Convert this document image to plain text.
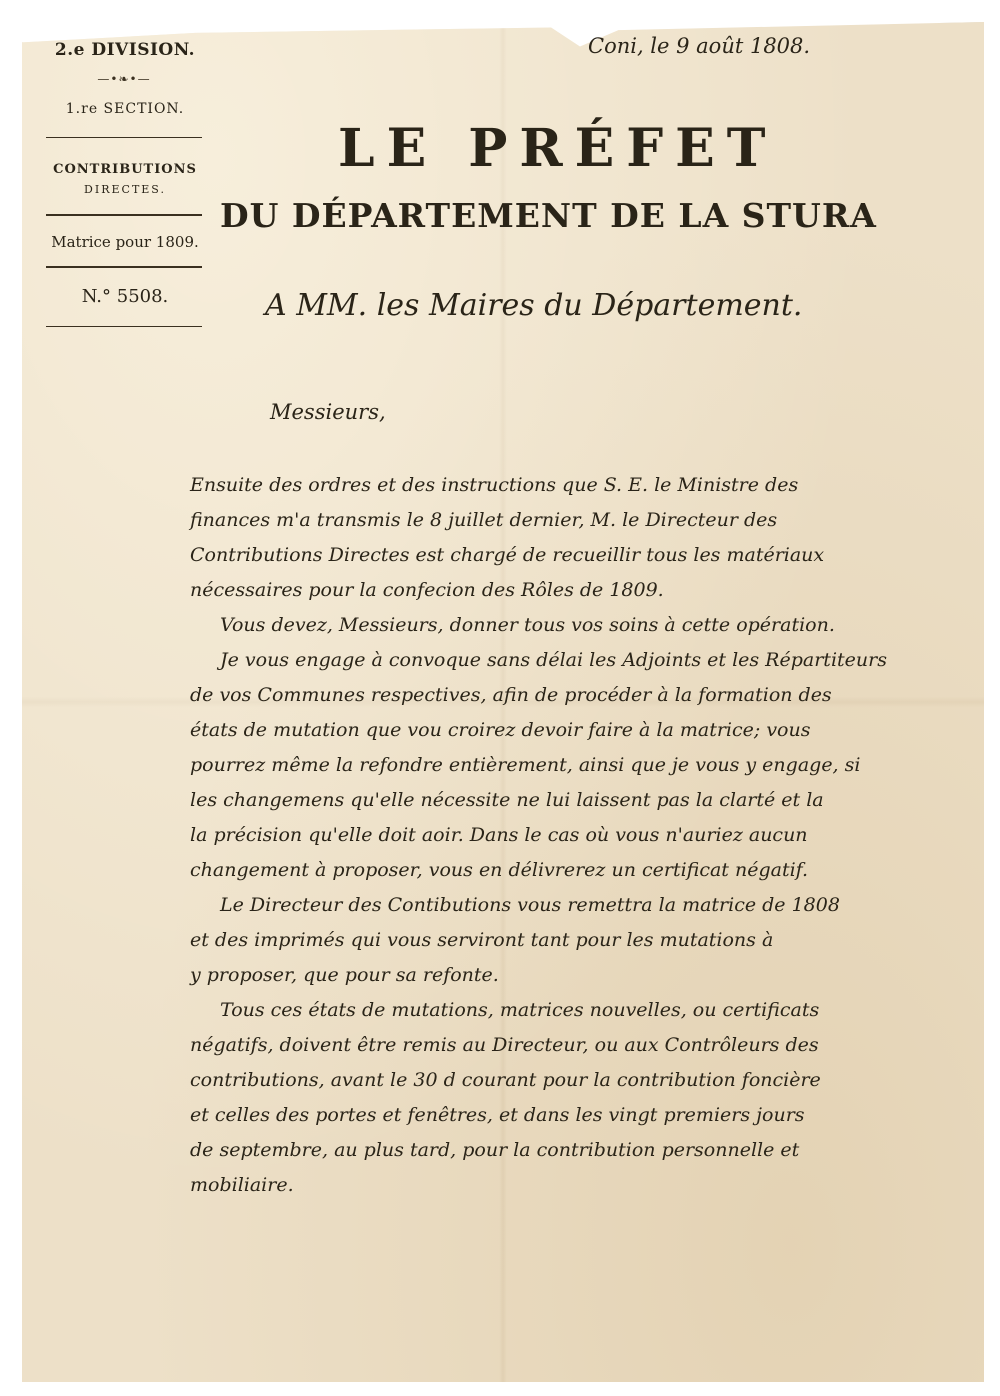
2.e DIVISION.
—•❧•—
1.re SECTION.
CONTRIBUTIONS
DIRECTES.
Matrice pour 1809.
N.° 5508.
Coni, le 9 août 1808.
LE PRÉFET
DU DÉPARTEMENT DE LA STURA
A MM. les Maires du Département.
Messieurs,
Ensuite des ordres et des instructions que S. E. le Ministre des
finances m'a transmis le 8 juillet dernier, M. le Directeur des
Contributions Directes est chargé de recueillir tous les matériaux
nécessaires pour la confecion des Rôles de 1809.
Vous devez, Messieurs, donner tous vos soins à cette opération.
Je vous engage à convoque sans délai les Adjoints et les Répartiteurs
de vos Communes respectives, afin de procéder à la formation des
états de mutation que vou croirez devoir faire à la matrice; vous
pourrez même la refondre entièrement, ainsi que je vous y engage, si
les changemens qu'elle nécessite ne lui laissent pas la clarté et la
la précision qu'elle doit aoir. Dans le cas où vous n'auriez aucun
changement à proposer, vous en délivrerez un certificat négatif.
Le Directeur des Contibutions vous remettra la matrice de 1808
et des imprimés qui vous serviront tant pour les mutations à
y proposer, que pour sa refonte.
Tous ces états de mutations, matrices nouvelles, ou certificats
négatifs, doivent être remis au Directeur, ou aux Contrôleurs des
contributions, avant le 30 d courant pour la contribution foncière
et celles des portes et fenêtres, et dans les vingt premiers jours
de septembre, au plus tard, pour la contribution personnelle et
mobiliaire.
